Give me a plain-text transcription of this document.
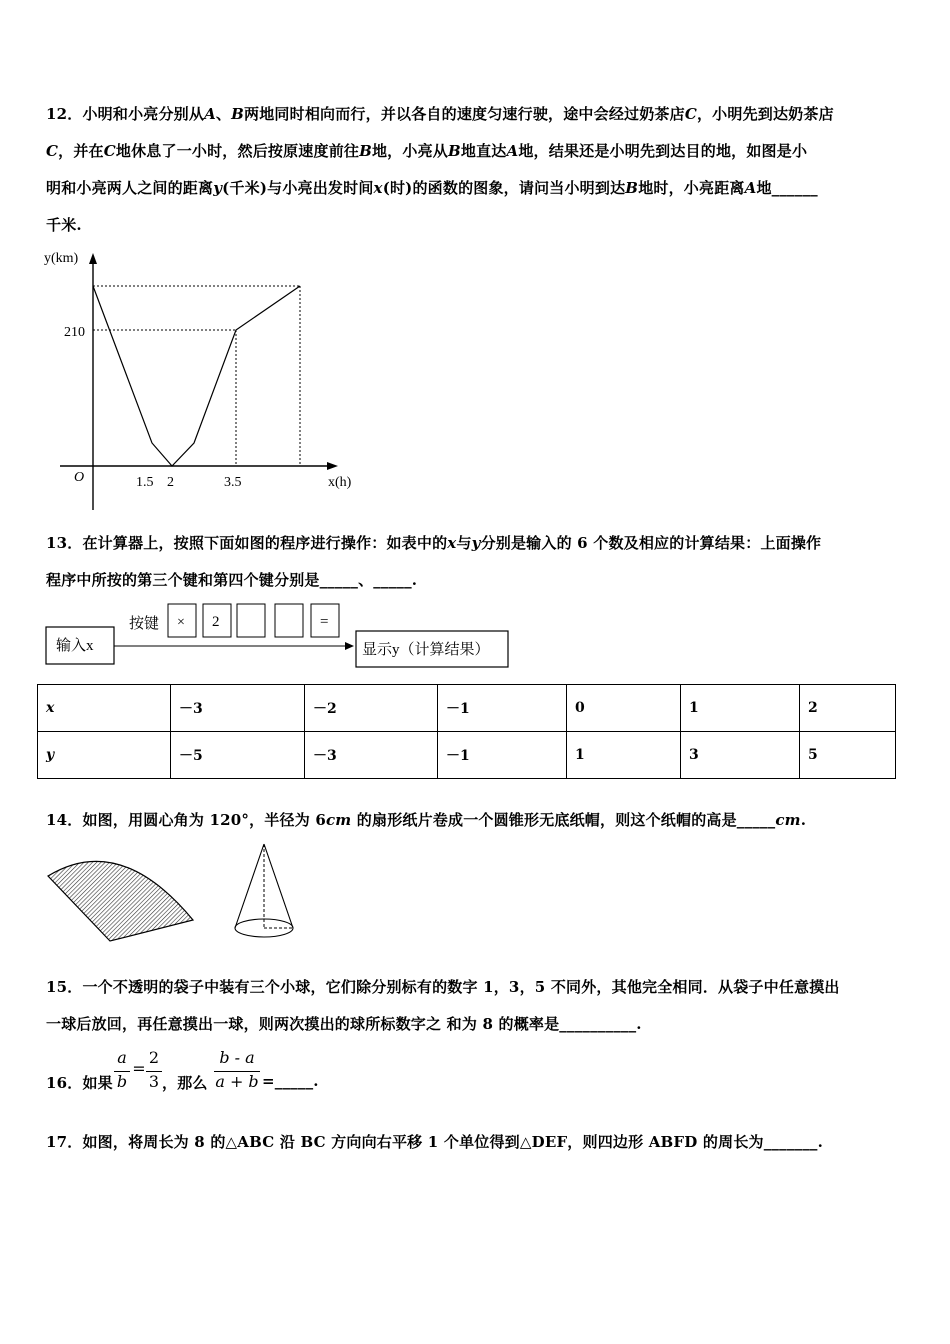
12．小明和小亮分别从A、B两地同时相向而行，并以各自的速度匀速行驶，途中会经过奶茶店C，小明先到达奶茶店
C，并在C地休息了一小时，然后按原速度前往B地，小亮从B地直达A地，结果还是小明先到达目的地，如图是小
明和小亮两人之间的距离y(千米)与小亮出发时间x(时)的函数的图象，请问当小明到达B地时，小亮距离A地______
千米.
y(km)
x(h)
O
210
1.5 2	3.5
13．在计算器上，按照下面如图的程序进行操作：如表中的x与y分别是输入的 6 个数及相应的计算结果：上面操作
程序中所按的第三个键和第四个键分别是_____、_____.
输入x
按键 × 2	=
显示y（计算结果）
x	－3	－2	－1	0	1	2
y	－5	－3	－1	1	3	5
14．如图，用圆心角为 120°，半径为 6cm 的扇形纸片卷成一个圆锥形无底纸帽，则这个纸帽的高是_____cm.
15．一个不透明的袋子中装有三个小球，它们除分别标有的数字 1，3，5 不同外，其他完全相同．从袋子中任意摸出
一球后放回，再任意摸出一球，则两次摸出的球所标数字之 和为 8 的概率是__________.
16．如果
a
b
=
2
3 ，那么
b - a
a + b =_____.
17．如图，将周长为 8 的△ABC 沿 BC 方向向右平移 1 个单位得到△DEF，则四边形 ABFD 的周长为_______.
